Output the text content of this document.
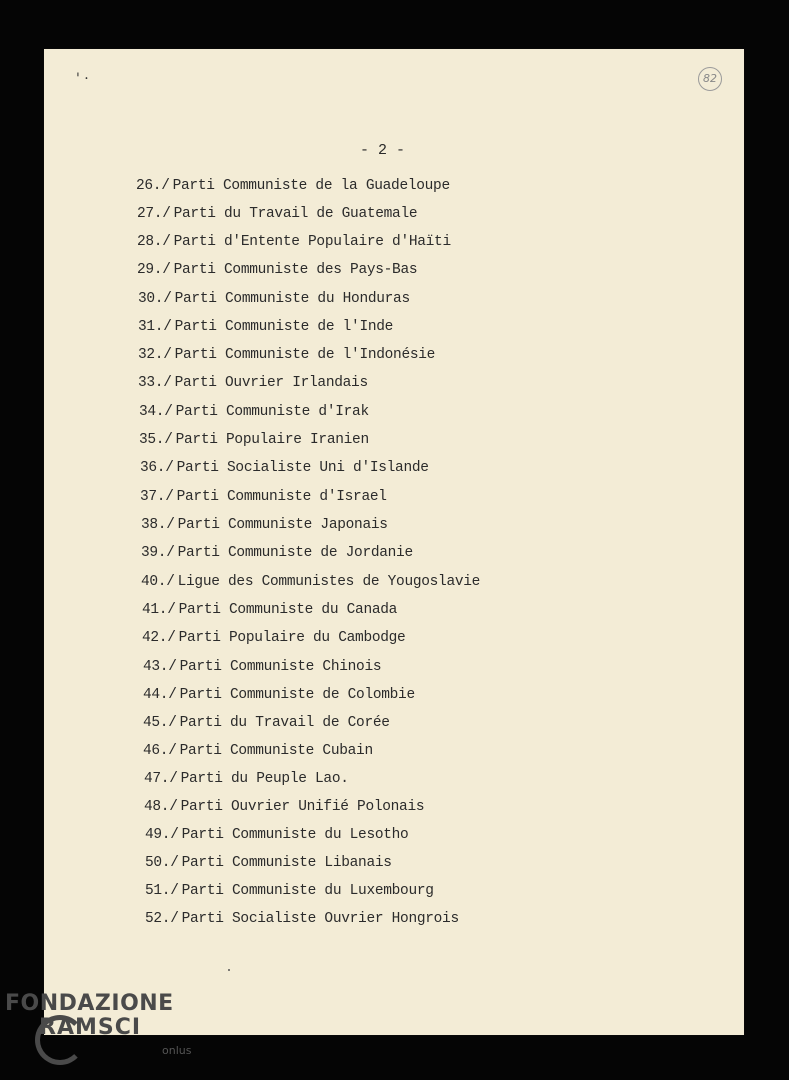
' ·	82
- 2 -
26./ Parti Communiste de la Guadeloupe
27./ Parti du Travail de Guatemale
28./ Parti d'Entente Populaire d'Haïti
29./ Parti Communiste des Pays-Bas
30./ Parti Communiste du Honduras
31./ Parti Communiste de l'Inde
32./ Parti Communiste de l'Indonésie
33./ Parti Ouvrier Irlandais
34./ Parti Communiste d'Irak
35./ Parti Populaire Iranien
36./ Parti Socialiste Uni d'Islande
37./ Parti Communiste d'Israel
38./ Parti Communiste Japonais
39./ Parti Communiste de Jordanie
40./ Ligue des Communistes de Yougoslavie
41./ Parti Communiste du Canada
42./ Parti Populaire du Cambodge
43./ Parti Communiste Chinois
44./ Parti Communiste de Colombie
45./ Parti du Travail de Corée
46./ Parti Communiste Cubain
47./ Parti du Peuple Lao.
48./ Parti Ouvrier Unifié Polonais
49./ Parti Communiste du Lesotho
50./ Parti Communiste Libanais
51./ Parti Communiste du Luxembourg
52./ Parti Socialiste Ouvrier Hongrois
FONDAZIONE
RAMSCI
onlus
